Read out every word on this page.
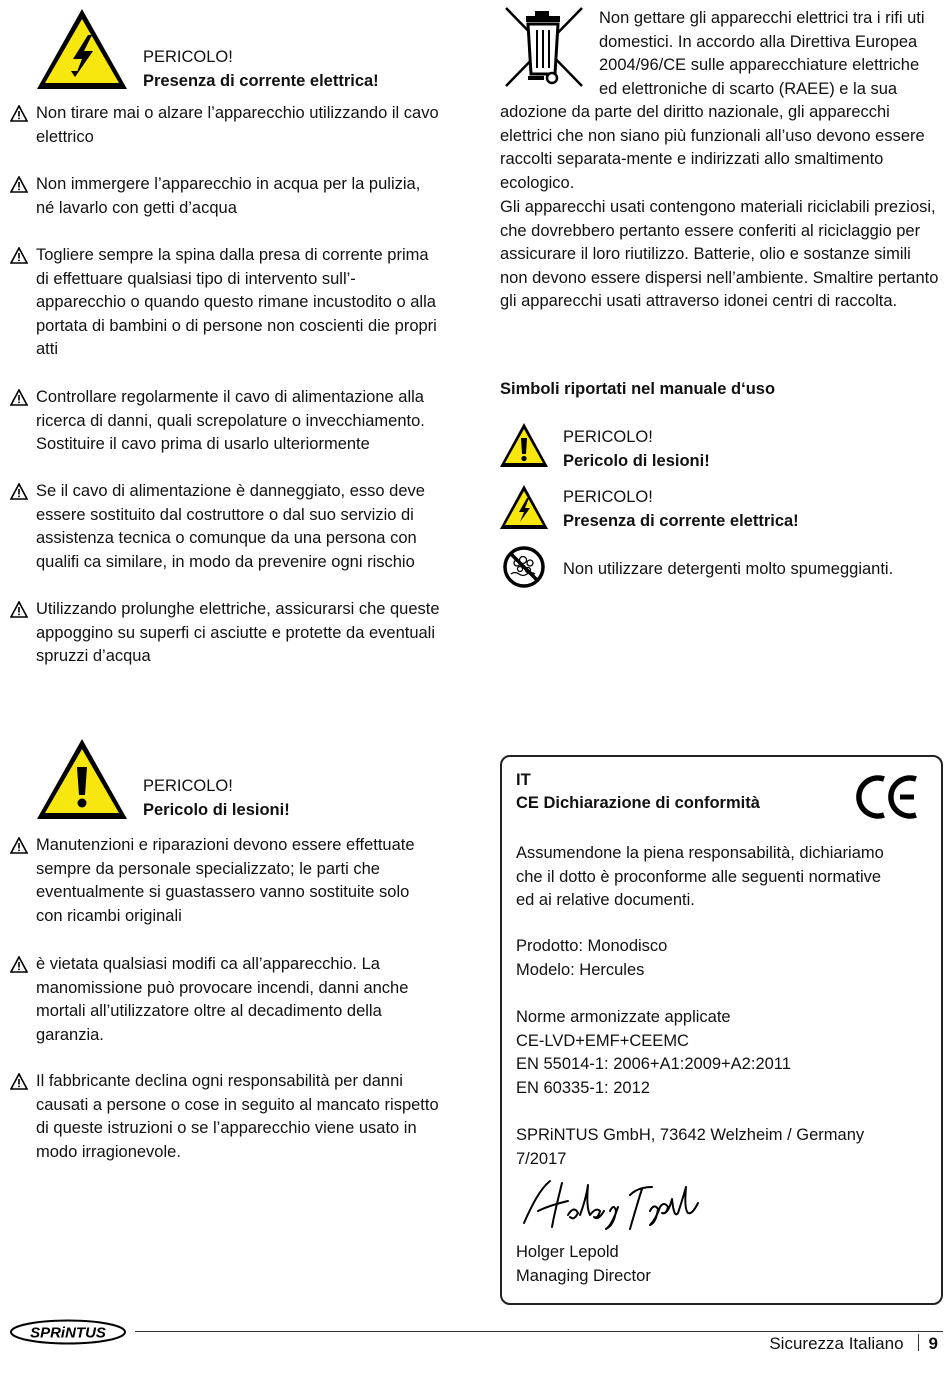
PERICOLO!
Presenza di corrente elettrica!
Non tirare mai o alzare l’apparecchio utilizzando il cavo elettrico
Non immergere l’apparecchio in acqua per la pulizia, né lavarlo con getti d’acqua
Togliere sempre la spina dalla presa di corrente prima di effettuare qualsiasi tipo di intervento sull’-apparecchio o quando questo rimane incustodito o alla portata di bambini o di persone non coscienti die propri atti
Controllare regolarmente il cavo di alimentazione alla ricerca di danni, quali screpolature o invecchiamento. Sostituire il cavo prima di usarlo ulteriormente
Se il cavo di alimentazione è danneggiato, esso deve essere sostituito dal costruttore o dal suo servizio di assistenza tecnica o comunque da una persona con qualifi ca similare, in modo da prevenire ogni rischio
Utilizzando prolunghe elettriche, assicurarsi che queste appoggino su superfi ci asciutte e protette da eventuali spruzzi d’acqua
PERICOLO!
Pericolo di lesioni!
Manutenzioni e riparazioni devono essere effettuate sempre da personale specializzato; le parti che eventualmente si guastassero vanno sostituite solo con ricambi originali
è vietata qualsiasi modifi ca all’apparecchio. La manomissione può provocare incendi, danni anche mortali all’utilizzatore oltre al decadimento della garanzia.
Il fabbricante declina ogni responsabilità per danni causati a persone o cose in seguito al mancato rispetto di queste istruzioni o se l’apparecchio viene usato in modo irragionevole.
Non gettare gli apparecchi elettrici tra i rifi uti domestici. In accordo alla Direttiva Europea 2004/96/CE sulle apparecchiature elettriche ed elettroniche di scarto (RAEE) e la sua adozione da parte del diritto nazionale, gli apparecchi elettrici che non siano più funzionali all’uso devono essere raccolti separata-mente e indirizzati allo smaltimento ecologico.
Gli apparecchi usati contengono materiali riciclabili preziosi, che dovrebbero pertanto essere conferiti al riciclaggio per assicurare il loro riutilizzo. Batterie, olio e sostanze simili non devono essere dispersi nell’ambiente. Smaltire pertanto gli apparecchi usati attraverso idonei centri di raccolta.
Simboli riportati nel manuale d‘uso
PERICOLO!
Pericolo di lesioni!
PERICOLO!
Presenza di corrente elettrica!
Non utilizzare detergenti molto spumeggianti.
IT
CE Dichiarazione di conformità
Assumendone la piena responsabilità, dichiariamo che il dotto è proconforme alle seguenti normative ed ai relative documenti.
Prodotto: Monodisco
Modelo: Hercules
Norme armonizzate applicate
CE-LVD+EMF+CEEMC
EN 55014-1: 2006+A1:2009+A2:2011
EN 60335-1: 2012
SPRiNTUS GmbH, 73642 Welzheim / Germany
7/2017
Holger Lepold
Managing Director
SPRiNTUS
Sicurezza Italiano 9
